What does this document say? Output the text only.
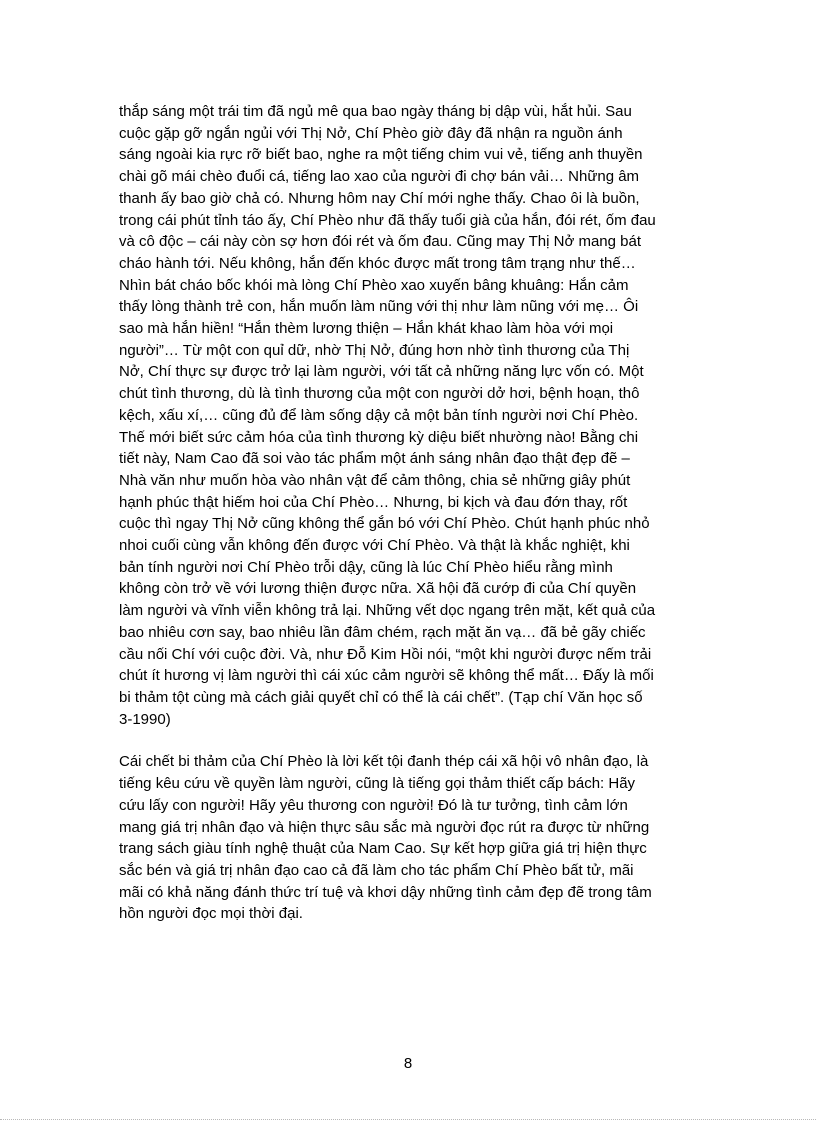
thắp sáng một trái tim đã ngủ mê qua bao ngày tháng bị dập vùi, hắt hủi. Sau
cuộc gặp gỡ ngắn ngủi với Thị Nở, Chí Phèo giờ đây đã nhận ra nguồn ánh
sáng ngoài kia rực rỡ biết bao, nghe ra một tiếng chim vui vẻ, tiếng anh thuyền
chài gõ mái chèo đuổi cá, tiếng lao xao của người đi chợ bán vải… Những âm
thanh ấy bao giờ chả có. Nhưng hôm nay Chí mới nghe thấy. Chao ôi là buồn,
trong cái phút tỉnh táo ấy, Chí Phèo như đã thấy tuổi già của hắn, đói rét, ốm đau
và cô độc – cái này còn sợ hơn đói rét và ốm đau. Cũng may Thị Nở mang bát
cháo hành tới. Nếu không, hắn đến khóc được mất trong tâm trạng như thế…
Nhìn bát cháo bốc khói mà lòng Chí Phèo xao xuyến bâng khuâng: Hắn cảm
thấy lòng thành trẻ con, hắn muốn làm nũng với thị như làm nũng với mẹ… Ôi
sao mà hắn hiền! “Hắn thèm lương thiện – Hắn khát khao làm hòa với mọi
người”… Từ một con quỉ dữ, nhờ Thị Nở, đúng hơn nhờ tình thương của Thị
Nở, Chí thực sự được trở lại làm người, với tất cả những năng lực vốn có. Một
chút tình thương, dù là tình thương của một con người dở hơi, bệnh hoạn, thô
kệch, xấu xí,… cũng đủ để làm sống dậy cả một bản tính người nơi Chí Phèo.
Thế mới biết sức cảm hóa của tình thương kỳ diệu biết nhường nào! Bằng chi
tiết này, Nam Cao đã soi vào tác phẩm một ánh sáng nhân đạo thật đẹp đẽ –
Nhà văn như muốn hòa vào nhân vật để cảm thông, chia sẻ những giây phút
hạnh phúc thật hiếm hoi của Chí Phèo… Nhưng, bi kịch và đau đớn thay, rốt
cuộc thì ngay Thị Nở cũng không thể gắn bó với Chí Phèo. Chút hạnh phúc nhỏ
nhoi cuối cùng vẫn không đến được với Chí Phèo. Và thật là khắc nghiệt, khi
bản tính người nơi Chí Phèo trỗi dậy, cũng là lúc Chí Phèo hiểu rằng mình
không còn trở về với lương thiện được nữa. Xã hội đã cướp đi của Chí quyền
làm người và vĩnh viễn không trả lại. Những vết dọc ngang trên mặt, kết quả của
bao nhiêu cơn say, bao nhiêu lần đâm chém, rạch mặt ăn vạ… đã bẻ gãy chiếc
cầu nối Chí với cuộc đời. Và, như Đỗ Kim Hồi nói, “một khi người được nếm trải
chút ít hương vị làm người thì cái xúc cảm người sẽ không thể mất… Đấy là mối
bi thảm tột cùng mà cách giải quyết chỉ có thể là cái chết”. (Tạp chí Văn học số
3-1990)

Cái chết bi thảm của Chí Phèo là lời kết tội đanh thép cái xã hội vô nhân đạo, là
tiếng kêu cứu về quyền làm người, cũng là tiếng gọi thảm thiết cấp bách: Hãy
cứu lấy con người! Hãy yêu thương con người! Đó là tư tưởng, tình cảm lớn
mang giá trị nhân đạo và hiện thực sâu sắc mà người đọc rút ra được từ những
trang sách giàu tính nghệ thuật của Nam Cao. Sự kết hợp giữa giá trị hiện thực
sắc bén và giá trị nhân đạo cao cả đã làm cho tác phẩm Chí Phèo bất tử, mãi
mãi có khả năng đánh thức trí tuệ và khơi dậy những tình cảm đẹp đẽ trong tâm
hồn người đọc mọi thời đại.

8
